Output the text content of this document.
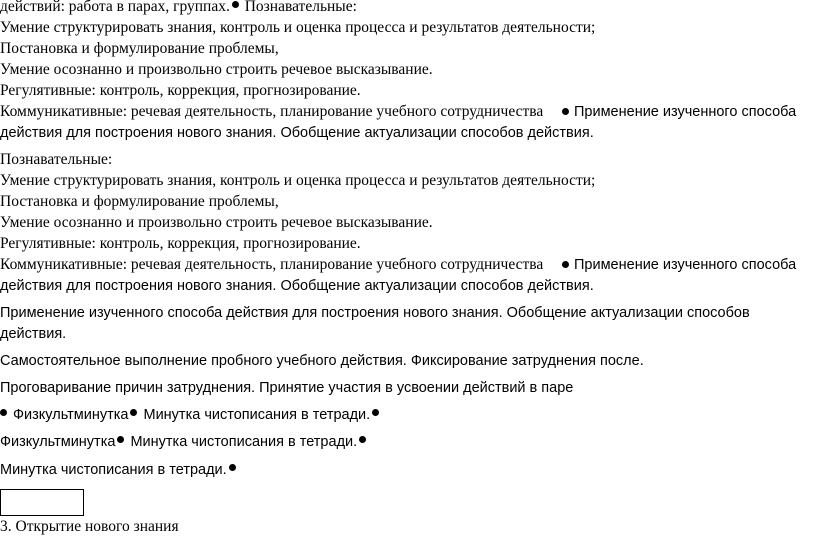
действий: работа в парах, группах. Познавательные:
Умение структурировать знания, контроль и оценка процесса и результатов деятельности;
Постановка и формулирование проблемы,
Умение осознанно и произвольно строить речевое высказывание.
Регулятивные: контроль, коррекция, прогнозирование.
Коммуникативные: речевая деятельность, планирование учебного сотрудничества Применение изученного способа
действия для построения нового знания. Обобщение актуализации способов действия.
Познавательные:
Умение структурировать знания, контроль и оценка процесса и результатов деятельности;
Постановка и формулирование проблемы,
Умение осознанно и произвольно строить речевое высказывание.
Регулятивные: контроль, коррекция, прогнозирование.
Коммуникативные: речевая деятельность, планирование учебного сотрудничества Применение изученного способа
действия для построения нового знания. Обобщение актуализации способов действия.
Применение изученного способа действия для построения нового знания. Обобщение актуализации способов
действия.
Самостоятельное выполнение пробного учебного действия. Фиксирование затруднения после.
Проговаривание причин затруднения. Принятие участия в усвоении действий в паре
Физкультминутка Минутка чистописания в тетради.
Физкультминутка Минутка чистописания в тетради.
Минутка чистописания в тетради.
3. Открытие нового знания
